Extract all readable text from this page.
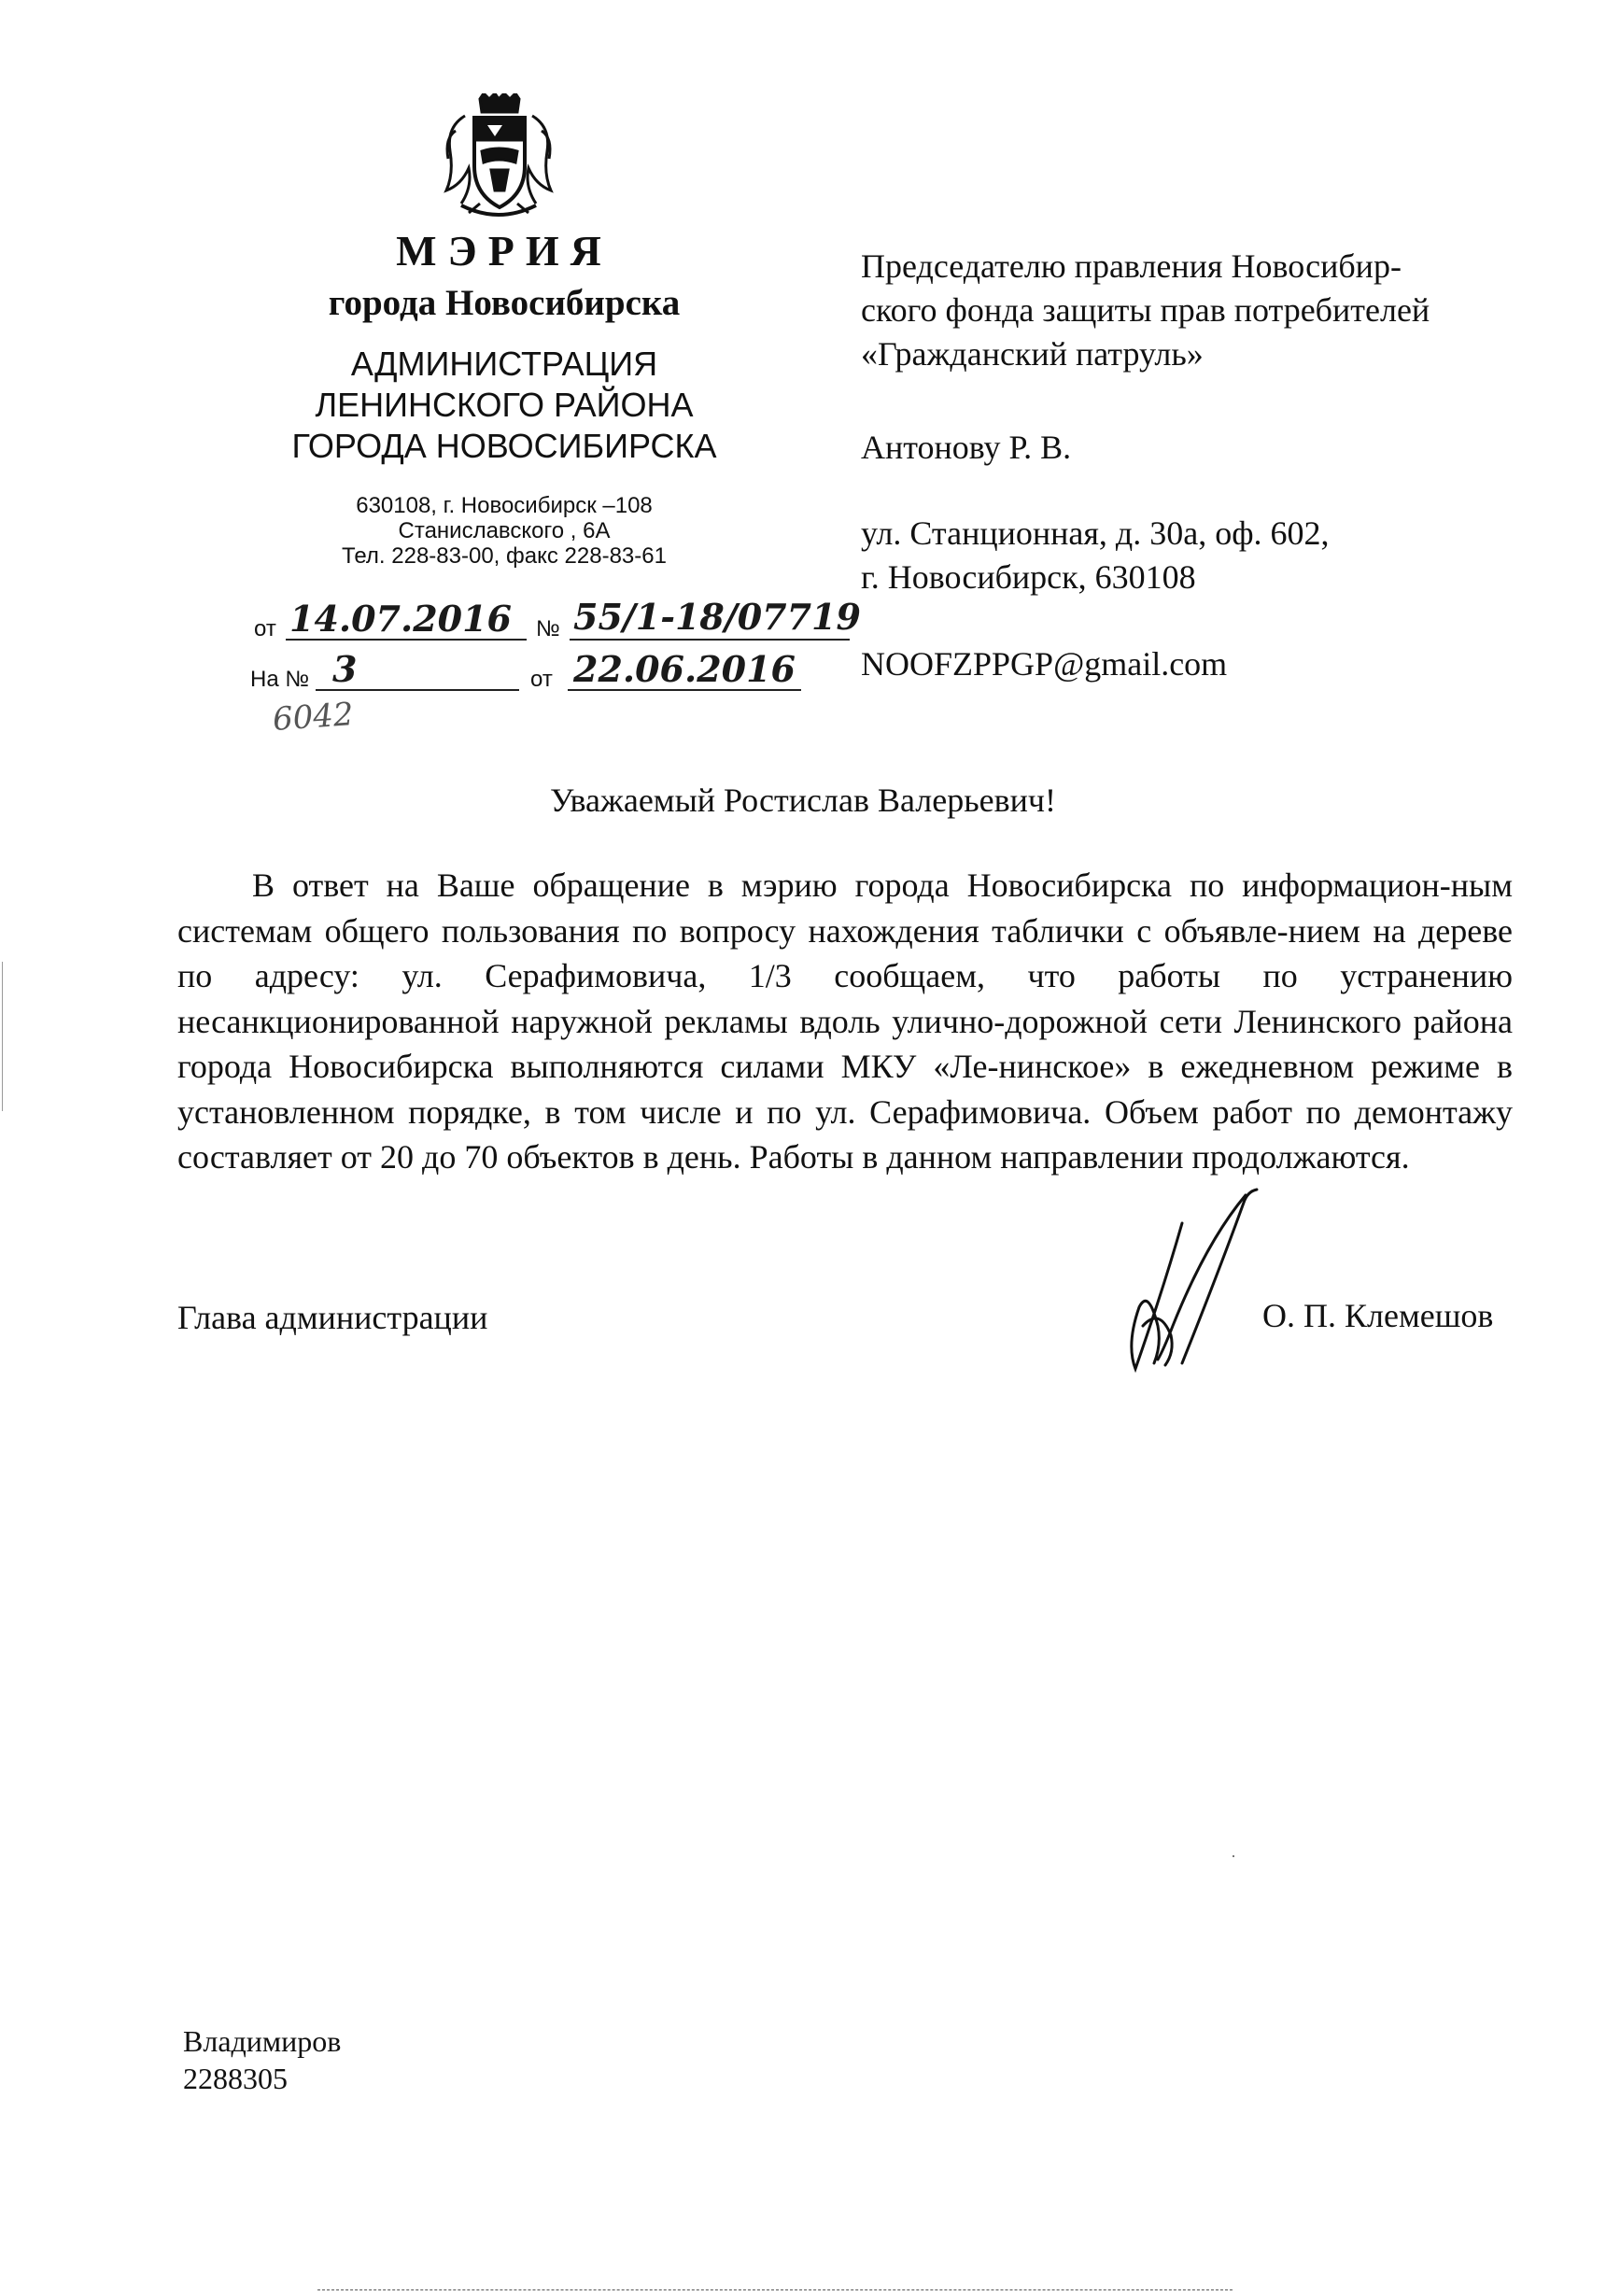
МЭРИЯ
города Новосибирска
АДМИНИСТРАЦИЯ
ЛЕНИНСКОГО РАЙОНА
ГОРОДА НОВОСИБИРСКА
630108, г. Новосибирск –108
Станиславского , 6А
Тел. 228-83-00, факс 228-83-61
от 14.07.2016 № 55/1-18/07719
На № 3	от 22.06.2016
6042
Председателю правления Новосибир-
ского фонда защиты прав потребителей
«Гражданский патруль»
Антонову Р. В.
ул. Станционная, д. 30а, оф. 602,
г. Новосибирск, 630108
NOOFZPPGP@gmail.com
Уважаемый Ростислав Валерьевич!
В ответ на Ваше обращение в мэрию города Новосибирска по информацион-ным системам общего пользования по вопросу нахождения таблички с объявле-нием на дереве по адресу: ул. Серафимовича, 1/3 сообщаем, что работы по устранению несанкционированной наружной рекламы вдоль улично-дорожной сети Ленинского района города Новосибирска выполняются силами МКУ «Ле-нинское» в ежедневном режиме в установленном порядке, в том числе и по ул. Серафимовича. Объем работ по демонтажу составляет от 20 до 70 объектов в день. Работы в данном направлении продолжаются.
Глава администрации	О. П. Клемешов
Владимиров
2288305
